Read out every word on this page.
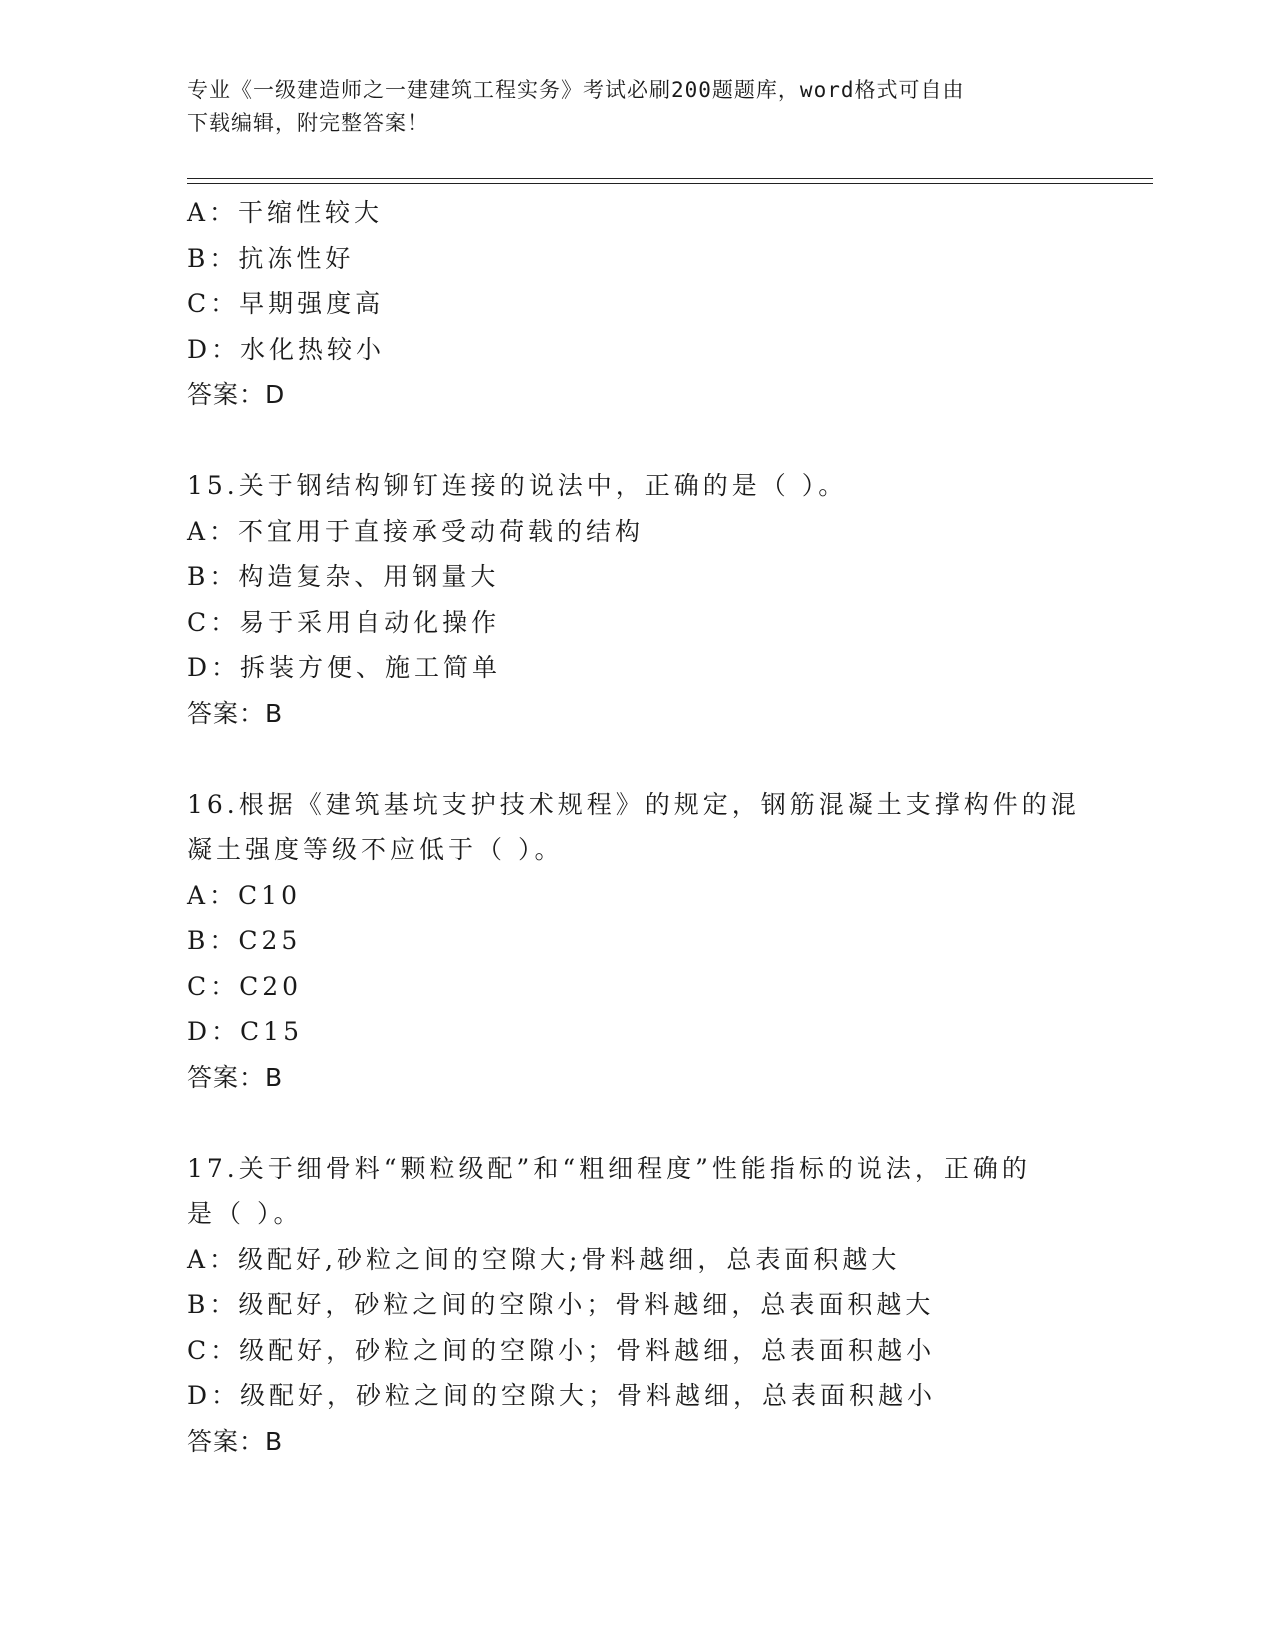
专业《一级建造师之一建建筑工程实务》考试必刷200题题库，word格式可自由
下载编辑，附完整答案！
A：干缩性较大
B：抗冻性好
C：早期强度高
D：水化热较小
答案：D
15.关于钢结构铆钉连接的说法中，正确的是（ ）。
A：不宜用于直接承受动荷载的结构
B：构造复杂、用钢量大
C：易于采用自动化操作
D：拆装方便、施工简单
答案：B
16.根据《建筑基坑支护技术规程》的规定，钢筋混凝土支撑构件的混
凝土强度等级不应低于（ ）。
A：C10
B：C25
C：C20
D：C15
答案：B
17.关于细骨料“颗粒级配”和“粗细程度”性能指标的说法，正确的
是（ ）。
A：级配好,砂粒之间的空隙大;骨料越细，总表面积越大
B：级配好，砂粒之间的空隙小；骨料越细，总表面积越大
C：级配好，砂粒之间的空隙小；骨料越细，总表面积越小
D：级配好，砂粒之间的空隙大；骨料越细，总表面积越小
答案：B
